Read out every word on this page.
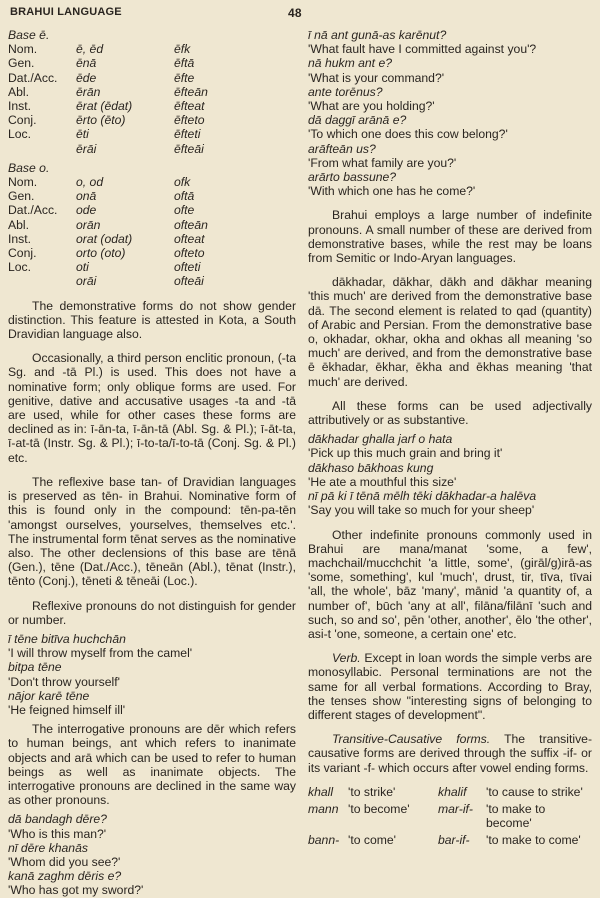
BRAHUI LANGUAGE	48
Base ē.
Nom.	ē, ēd	ēfk
Gen.	ēnā	ēftā
Dat./Acc.	ēde	ēfte
Abl.	ērān	ēfteān
Inst.	ērat (ēdat)	ēfteat
Conj.	ērto (ēto)	ēfteto
Loc.	ēti	ēfteti
ērāi	ēfteāi
Base o.
Nom.	o, od	ofk
Gen.	onā	oftā
Dat./Acc.	ode	ofte
Abl.	orān	ofteān
Inst.	orat (odat)	ofteat
Conj.	orto (oto)	ofteto
Loc.	oti	ofteti
orāi	ofteāi

The demonstrative forms do not show gender distinction. This feature is attested in Kota, a South Dravidian language also.

Occasionally, a third person enclitic pronoun, (-ta Sg. and -tā Pl.) is used. This does not have a nominative form; only oblique forms are used. For genitive, dative and accusative usages -ta and -tā are used, while for other cases these forms are declined as in: ī-ān-ta, ī-ān-tā (Abl. Sg. & Pl.); ī-āt-ta, ī-at-tā (Instr. Sg. & Pl.); ī-to-ta/ī-to-tā (Conj. Sg. & Pl.) etc.

The reflexive base tan- of Dravidian languages is preserved as tēn- in Brahui. Nominative form of this is found only in the compound: tēn-pa-tēn 'amongst ourselves, yourselves, themselves etc.'. The instrumental form tēnat serves as the nominative also. The other declensions of this base are tēnā (Gen.), tēne (Dat./Acc.), tēneān (Abl.), tēnat (Instr.), tēnto (Conj.), tēneti & tēneāi (Loc.).

Reflexive pronouns do not distinguish for gender or number.

ī tēne bitīva huchchān
'I will throw myself from the camel'
bitpa tēne
'Don't throw yourself'
nājor karē tēne
'He feigned himself ill'

The interrogative pronouns are dēr which refers to human beings, ant which refers to inanimate objects and arā which can be used to refer to human beings as well as inanimate objects. The interrogative pronouns are declined in the same way as other pronouns.

dā bandagh dēre?
'Who is this man?'
nī dēre khanās
'Whom did you see?'
kanā zaghm dēris e?
'Who has got my sword?'
ī nā ant gunā-as karēnut?
'What fault have I committed against you'?
nā hukm ant e?
'What is your command?'
ante torēnus?
'What are you holding?'
dā daggī arānā e?
'To which one does this cow belong?'
arāfteān us?
'From what family are you?'
arārto bassune?
'With which one has he come?'

Brahui employs a large number of indefinite pronouns. A small number of these are derived from demonstrative bases, while the rest may be loans from Semitic or Indo-Aryan languages.

dākhadar, dākhar, dākh and dākhar meaning 'this much' are derived from the demonstrative base dā. The second element is related to qad (quantity) of Arabic and Persian. From the demonstrative base o, okhadar, okhar, okha and okhas all meaning 'so much' are derived, and from the demonstrative base ē ēkhadar, ēkhar, ēkha and ēkhas meaning 'that much' are derived.

All these forms can be used adjectivally attributively or as substantive.

dākhadar ghalla jarf o hata
'Pick up this much grain and bring it'
dākhaso bākhoas kung
'He ate a mouthful this size'
nī pā ki ī tēnā mēlh tēki dākhadar-a halēva
'Say you will take so much for your sheep'

Other indefinite pronouns commonly used in Brahui are mana/manat 'some, a few', machchail/mucchchit 'a little, some', (girāl/g)irā-as 'some, something', kul 'much', drust, tir, tīva, tīvai 'all, the whole', bāz 'many', mānid 'a quantity of, a number of', būch 'any at all', filāna/filānī 'such and such, so and so', pēn 'other, another', ēlo 'the other', asi-t 'one, someone, a certain one' etc.

Verb. Except in loan words the simple verbs are monosyllabic. Personal terminations are not the same for all verbal formations. According to Bray, the tenses show "interesting signs of belonging to different stages of development".

Transitive-Causative forms. The transitive-causative forms are derived through the suffix -if- or its variant -f- which occurs after vowel ending forms.

khall	'to strike'	khalif	'to cause to strike'
mann 'to become'	mar-if-	'to make to become'
bann- 'to come'	bar-if-	'to make to come'
